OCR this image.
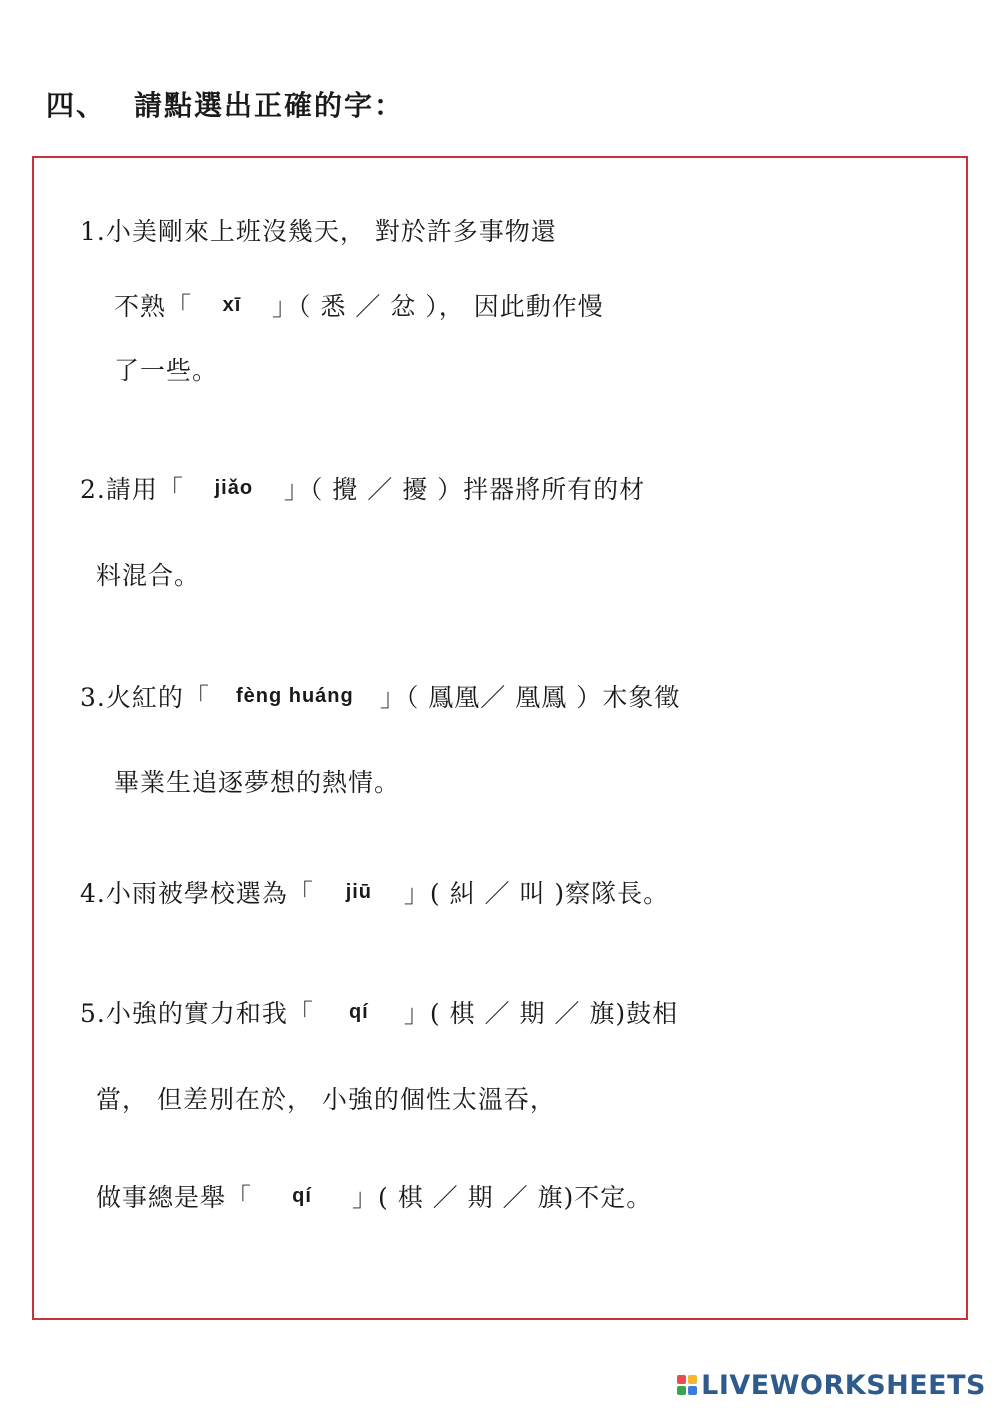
四、 請點選出正確的字：
1.小美剛來上班沒幾天， 對於許多事物還
不熟「 xī 」（ 悉 ／ 忿 ）， 因此動作慢
了一些。
2.請用「 jiǎo 」（ 攪 ／ 擾 ）拌器將所有的材
料混合。
3.火紅的「 fèng huáng 」（ 鳳凰／ 凰鳳 ）木象徵
畢業生追逐夢想的熱情。
4.小雨被學校選為「 jiū 」( 糾 ／ 叫 )察隊長。
5.小強的實力和我「 qí 」( 棋 ／ 期 ／ 旗)鼓相
當， 但差別在於， 小強的個性太溫吞，
做事總是舉「 qí 」( 棋 ／ 期 ／ 旗)不定。
LIVEWORKSHEETS
